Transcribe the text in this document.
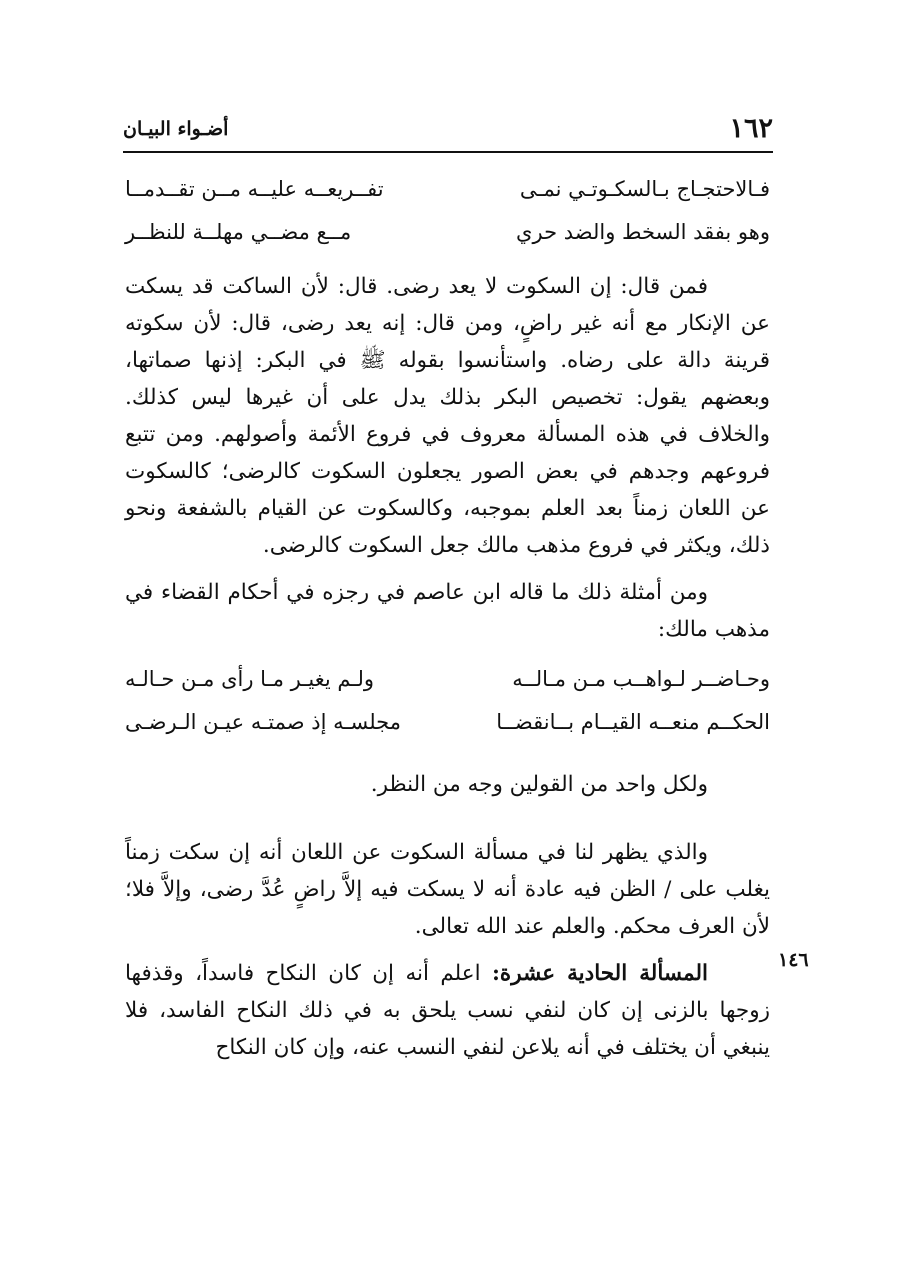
١٦٢
أضـواء البيـان
١٤٦
فـالاحتجـاج بـالسكـوتـي نمـى
تفــريعــه عليــه مــن تقــدمــا
وهو بفقد السخط والضد حري
مــع مضــي مهلــة للنظــر

فمن قال: إن السكوت لا يعد رضى. قال: لأن الساكت قد يسكت عن الإنكار مع أنه غير راضٍ، ومن قال: إنه يعد رضى، قال: لأن سكوته قرينة دالة على رضاه. واستأنسوا بقوله ﷺ في البكر: إذنها صماتها، وبعضهم يقول: تخصيص البكر بذلك يدل على أن غيرها ليس كذلك. والخلاف في هذه المسألة معروف في فروع الأئمة وأصولهم. ومن تتبع فروعهم وجدهم في بعض الصور يجعلون السكوت كالرضى؛ كالسكوت عن اللعان زمناً بعد العلم بموجبه، وكالسكوت عن القيام بالشفعة ونحو ذلك، ويكثر في فروع مذهب مالك جعل السكوت كالرضى.

ومن أمثلة ذلك ما قاله ابن عاصم في رجزه في أحكام القضاء في مذهب مالك:

وحـاضــر لـواهــب مـن مـالــه
ولـم يغيـر مـا رأى مـن حـالـه
الحكــم منعــه القيــام بــانقضــا
مجلسـه إذ صمتـه عيـن الـرضـى

ولكل واحد من القولين وجه من النظر.

والذي يظهر لنا في مسألة السكوت عن اللعان أنه إن سكت زمناً يغلب على / الظن فيه عادة أنه لا يسكت فيه إلاَّ راضٍ عُدَّ رضى، وإلاَّ فلا؛ لأن العرف محكم. والعلم عند الله تعالى.

المسألة الحادية عشرة: اعلم أنه إن كان النكاح فاسداً، وقذفها زوجها بالزنى إن كان لنفي نسب يلحق به في ذلك النكاح الفاسد، فلا ينبغي أن يختلف في أنه يلاعن لنفي النسب عنه، وإن كان النكاح
